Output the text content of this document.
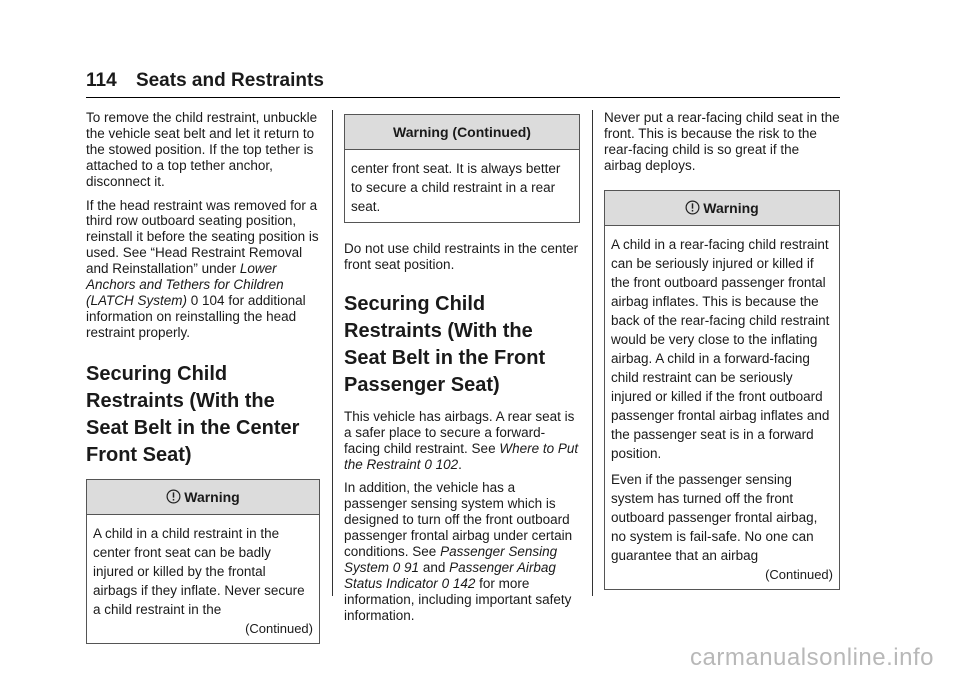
114 Seats and Restraints

To remove the child restraint, unbuckle the vehicle seat belt and let it return to the stowed position. If the top tether is attached to a top tether anchor, disconnect it.

If the head restraint was removed for a third row outboard seating position, reinstall it before the seating position is used. See “Head Restraint Removal and Reinstallation” under Lower Anchors and Tethers for Children (LATCH System) 0 104 for additional information on reinstalling the head restraint properly.

Securing Child Restraints (With the Seat Belt in the Center Front Seat)
Warning

A child in a child restraint in the center front seat can be badly injured or killed by the frontal airbags if they inflate. Never secure a child restraint in the

(Continued)
Warning (Continued)

center front seat. It is always better to secure a child restraint in a rear seat.

Do not use child restraints in the center front seat position.

Securing Child Restraints (With the Seat Belt in the Front Passenger Seat)

This vehicle has airbags. A rear seat is a safer place to secure a forward-facing child restraint. See Where to Put the Restraint 0 102.

In addition, the vehicle has a passenger sensing system which is designed to turn off the front outboard passenger frontal airbag under certain conditions. See Passenger Sensing System 0 91 and Passenger Airbag Status Indicator 0 142 for more information, including important safety information.

Never put a rear-facing child seat in the front. This is because the risk to the rear-facing child is so great if the airbag deploys.

Warning

A child in a rear-facing child restraint can be seriously injured or killed if the front outboard passenger frontal airbag inflates. This is because the back of the rear-facing child restraint would be very close to the inflating airbag. A child in a forward-facing child restraint can be seriously injured or killed if the front outboard passenger frontal airbag inflates and the passenger seat is in a forward position.

Even if the passenger sensing system has turned off the front outboard passenger frontal airbag, no system is fail-safe. No one can guarantee that an airbag

(Continued)
carmanualsonline.info
